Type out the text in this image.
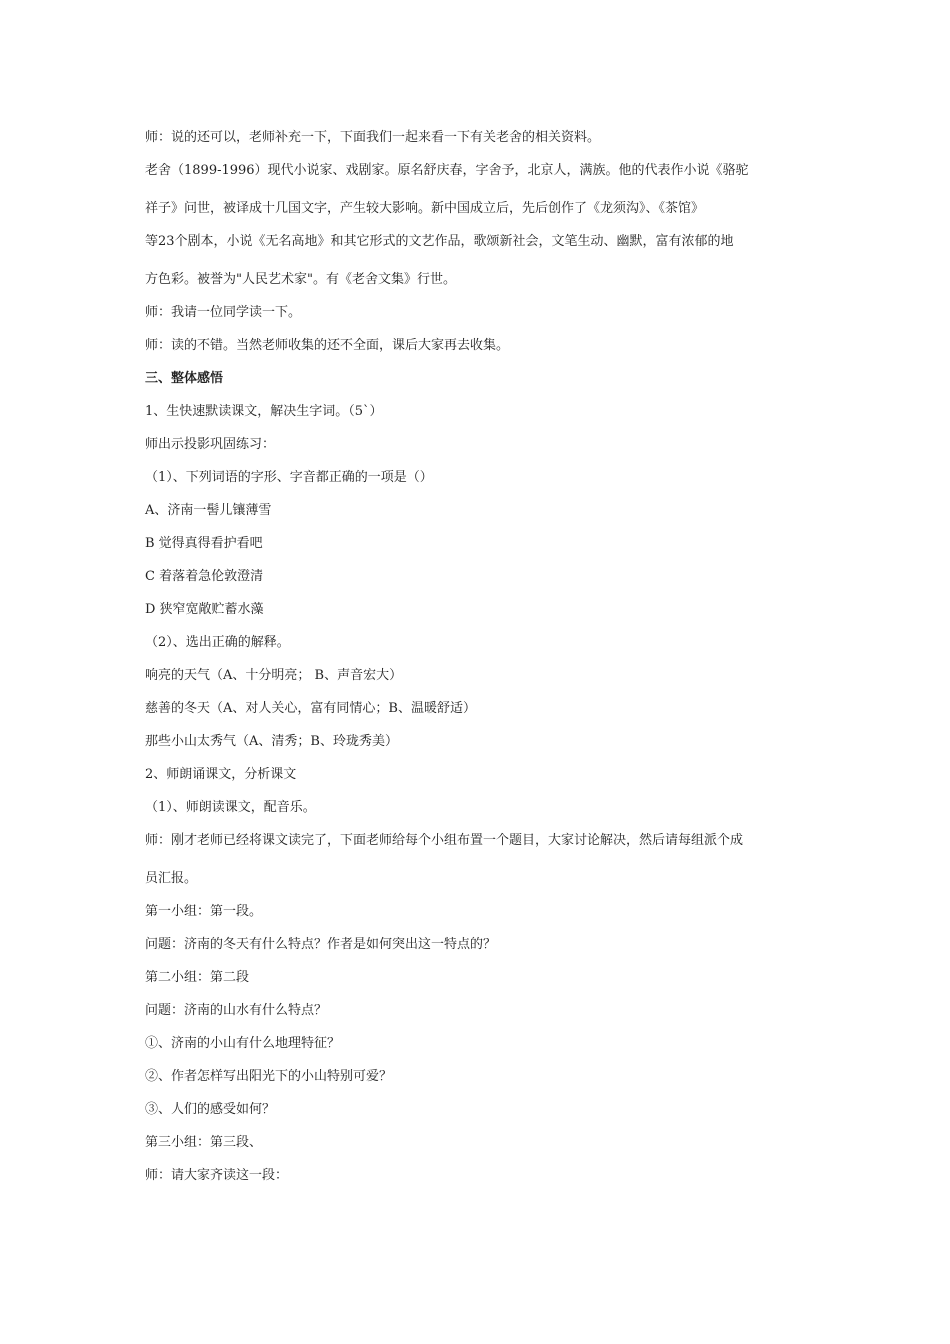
师：说的还可以，老师补充一下，下面我们一起来看一下有关老舍的相关资料。
老舍（1899-1996）现代小说家、戏剧家。原名舒庆春，字舍予，北京人，满族。他的代表作小说《骆驼
祥子》问世，被译成十几国文字，产生较大影响。新中国成立后，先后创作了《龙须沟》、《茶馆》
等23个剧本，小说《无名高地》和其它形式的文艺作品，歌颂新社会，文笔生动、幽默，富有浓郁的地
方色彩。被誉为"人民艺术家"。有《老舍文集》行世。
师：我请一位同学读一下。
师：读的不错。当然老师收集的还不全面，课后大家再去收集。
三、整体感悟
1、生快速默读课文，解决生字词。（5`）
师出示投影巩固练习：
（1）、下列词语的字形、字音都正确的一项是（）
A、济南一髻儿镶薄雪
B 觉得真得看护看吧
C 着落着急伦敦澄清
D 狭窄宽敞贮蓄水藻
（2）、选出正确的解释。
响亮的天气（A、十分明亮； B、声音宏大）
慈善的冬天（A、对人关心，富有同情心；B、温暖舒适）
那些小山太秀气（A、清秀；B、玲珑秀美）
2、师朗诵课文，分析课文
（1）、师朗读课文，配音乐。
师：刚才老师已经将课文读完了，下面老师给每个小组布置一个题目，大家讨论解决，然后请每组派个成
员汇报。
第一小组：第一段。
问题：济南的冬天有什么特点？作者是如何突出这一特点的？
第二小组：第二段
问题：济南的山水有什么特点？
①、济南的小山有什么地理特征？
②、作者怎样写出阳光下的小山特别可爱？
③、人们的感受如何？
第三小组：第三段、
师：请大家齐读这一段：
